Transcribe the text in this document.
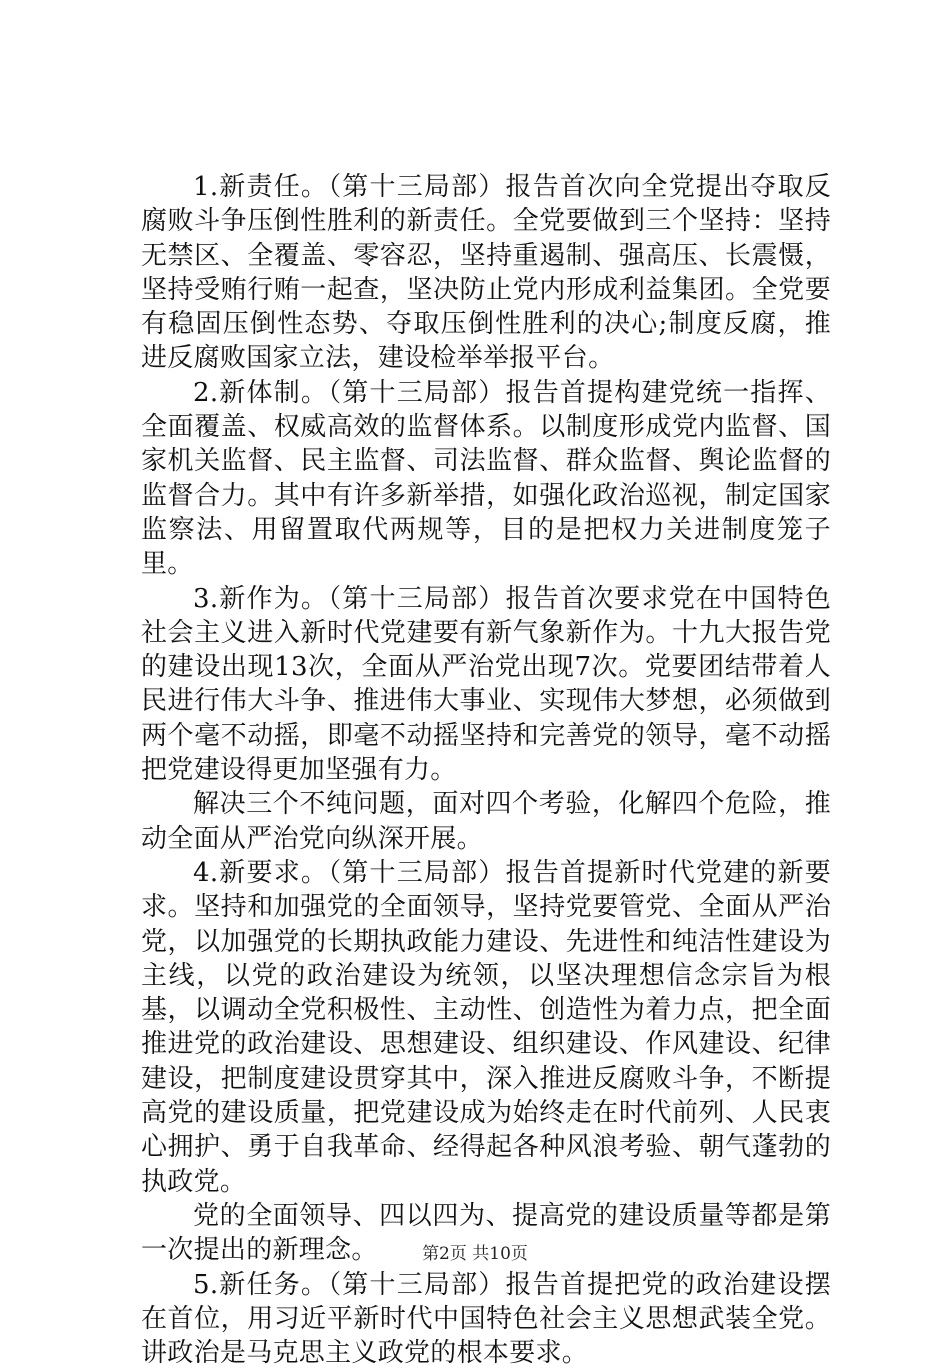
1.新责任。（第十三局部）报告首次向全党提出夺取反腐败斗争压倒性胜利的新责任。全党要做到三个坚持：坚持无禁区、全覆盖、零容忍，坚持重遏制、强高压、长震慑，坚持受贿行贿一起查，坚决防止党内形成利益集团。全党要有稳固压倒性态势、夺取压倒性胜利的决心;制度反腐，推进反腐败国家立法，建设检举举报平台。

2.新体制。（第十三局部）报告首提构建党统一指挥、全面覆盖、权威高效的监督体系。以制度形成党内监督、国家机关监督、民主监督、司法监督、群众监督、舆论监督的监督合力。其中有许多新举措，如强化政治巡视，制定国家监察法、用留置取代两规等，目的是把权力关进制度笼子里。

3.新作为。（第十三局部）报告首次要求党在中国特色社会主义进入新时代党建要有新气象新作为。十九大报告党的建设出现13次，全面从严治党出现7次。党要团结带着人民进行伟大斗争、推进伟大事业、实现伟大梦想，必须做到两个毫不动摇，即毫不动摇坚持和完善党的领导，毫不动摇把党建设得更加坚强有力。

解决三个不纯问题，面对四个考验，化解四个危险，推动全面从严治党向纵深开展。

4.新要求。（第十三局部）报告首提新时代党建的新要求。坚持和加强党的全面领导，坚持党要管党、全面从严治党，以加强党的长期执政能力建设、先进性和纯洁性建设为主线，以党的政治建设为统领，以坚决理想信念宗旨为根基，以调动全党积极性、主动性、创造性为着力点，把全面推进党的政治建设、思想建设、组织建设、作风建设、纪律建设，把制度建设贯穿其中，深入推进反腐败斗争，不断提高党的建设质量，把党建设成为始终走在时代前列、人民衷心拥护、勇于自我革命、经得起各种风浪考验、朝气蓬勃的执政党。

党的全面领导、四以四为、提高党的建设质量等都是第一次提出的新理念。

5.新任务。（第十三局部）报告首提把党的政治建设摆在首位，用习近平新时代中国特色社会主义思想武装全党。讲政治是马克思主义政党的根本要求。

第2页 共10页
